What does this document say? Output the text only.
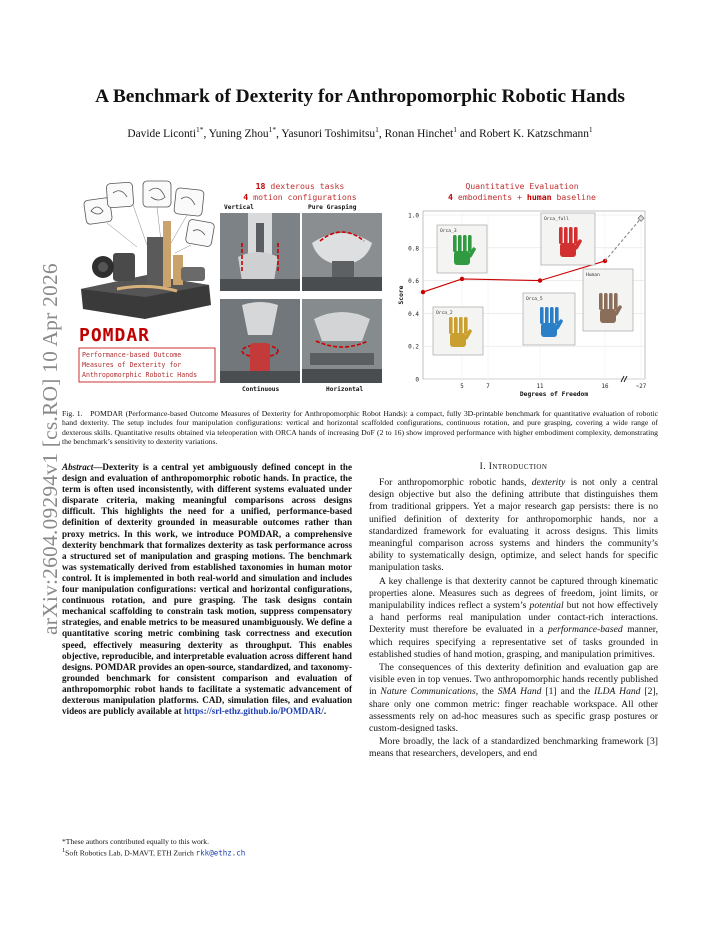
arXiv:2604.09294v1 [cs.RO] 10 Apr 2026
A Benchmark of Dexterity for Anthropomorphic Robotic Hands
Davide Liconti$^{1*}$, Yuning Zhou$^{1*}$, Yasunori Toshimitsu$^1$, Ronan Hinchet$^1$ and Robert K. Katzschmann$^1$
POMDAR
Performance-based Outcome
Measures of Dexterity for
Anthropomorphic Robotic Hands
18 dexterous tasks
4 motion configurations
Vertical	Pure Grasping
Continuous	Horizontal
Quantitative Evaluation
4 embodiments + human baseline
0
0.2
0.4
0.6
0.8
1.0
5	7	11	16	~27
Degrees of Freedom
Score
Orca_3
Orca_full
Orca_2
Orca_5
Human
Fig. 1. POMDAR (Performance-based Outcome Measures of Dexterity for Anthropomorphic Robot Hands): a compact, fully 3D-printable benchmark for quantitative evaluation of robotic hand dexterity. The setup includes four manipulation configurations: vertical and horizontal scaffolded configurations, continuous rotation, and pure grasping, covering a wide range of dexterous skills. Quantitative results obtained via teleoperation with ORCA hands of increasing DoF (2 to 16) show improved performance with higher embodiment complexity, demonstrating the benchmark’s sensitivity to dexterity variations.

Abstract—Dexterity is a central yet ambiguously defined concept in the design and evaluation of anthropomorphic robotic hands. In practice, the term is often used inconsistently, with different systems evaluated under disparate criteria, making meaningful comparisons across designs difficult. This highlights the need for a unified, performance-based definition of dexterity grounded in measurable outcomes rather than proxy metrics. In this work, we introduce POMDAR, a comprehensive dexterity benchmark that formalizes dexterity as task performance across a structured set of manipulation and grasping motions. The benchmark was systematically derived from established taxonomies in human motor control. It is implemented in both real-world and simulation and includes four manipulation configurations: vertical and horizontal configurations, continuous rotation, and pure grasping. The task designs contain mechanical scaffolding to constrain task motion, suppress compensatory strategies, and enable metrics to be measured unambiguously. We define a quantitative scoring metric combining task correctness and execution speed, effectively measuring dexterity as throughput. This enables objective, reproducible, and interpretable evaluation across different hand designs. POMDAR provides an open-source, standardized, and taxonomy-grounded benchmark for consistent comparison and evaluation of anthropomorphic robot hands to facilitate a systematic advancement of dexterous manipulation platforms. CAD, simulation files, and evaluation videos are publicly available at https://srl-ethz.github.io/POMDAR/.

I. Introduction

For anthropomorphic robotic hands, dexterity is not only a central design objective but also the defining attribute that distinguishes them from traditional grippers. Yet a major research gap persists: there is no unified definition of dexterity for anthropomorphic hands, nor a standardized framework for evaluating it across designs. This limits meaningful comparison across systems and hinders the community’s ability to systematically design, optimize, and select hands for specific manipulation tasks.

A key challenge is that dexterity cannot be captured through kinematic properties alone. Measures such as degrees of freedom, joint limits, or manipulability indices reflect a system’s potential but not how effectively a hand performs real manipulation under contact-rich interactions. Dexterity must therefore be evaluated in a performance-based manner, which requires specifying a representative set of tasks grounded in established studies of hand motion, grasping, and manipulation primitives.

The consequences of this dexterity definition and evaluation gap are visible even in top venues. Two anthropomorphic hands recently published in Nature Communications, the SMA Hand [1] and the ILDA Hand [2], share only one common metric: finger reachable workspace. All other assessments rely on ad-hoc measures such as specific grasp postures or custom-designed tasks.

More broadly, the lack of a standardized benchmarking framework [3] means that researchers, developers, and end

*These authors contributed equally to this work.
$^1$Soft Robotics Lab, D-MAVT, ETH Zurich rkk@ethz.ch
